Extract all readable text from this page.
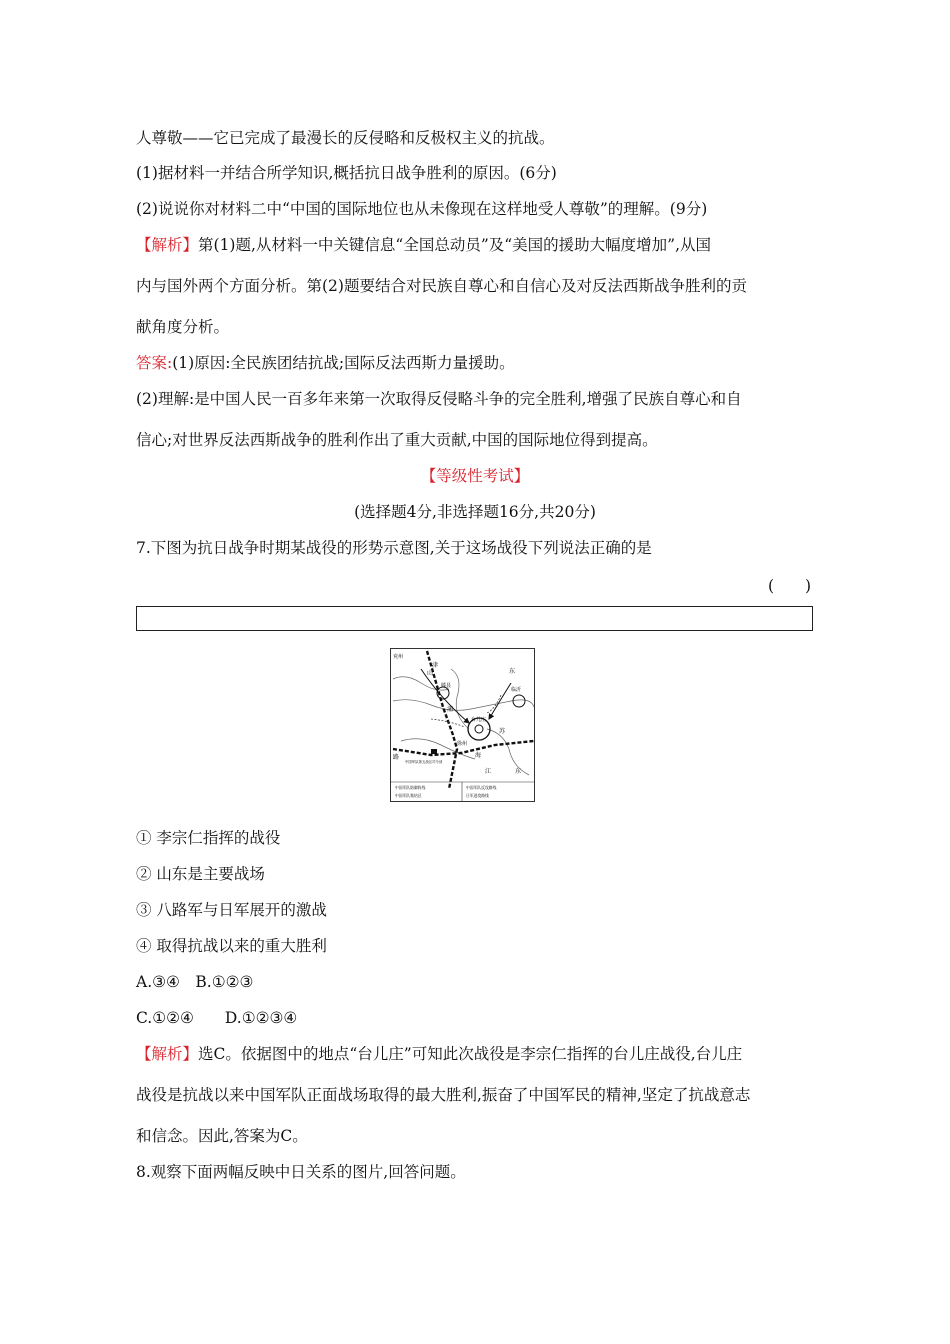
人尊敬——它已完成了最漫长的反侵略和反极权主义的抗战。
(1)据材料一并结合所学知识,概括抗日战争胜利的原因。(6分)
(2)说说你对材料二中“中国的国际地位也从未像现在这样地受人尊敬”的理解。(9分)
【解析】第(1)题,从材料一中关键信息“全国总动员”及“美国的援助大幅度增加”,从国
内与国外两个方面分析。第(2)题要结合对民族自尊心和自信心及对反法西斯战争胜利的贡
献角度分析。
答案:(1)原因:全民族团结抗战;国际反法西斯力量援助。
(2)理解:是中国人民一百多年来第一次取得反侵略斗争的完全胜利,增强了民族自尊心和自
信心;对世界反法西斯战争的胜利作出了重大贡献,中国的国际地位得到提高。
【等级性考试】
(选择题4分,非选择题16分,共20分)
7.下图为抗日战争时期某战役的形势示意图,关于这场战役下列说法正确的是
(　　)
兖州
山
津
滕县
浦
东
临沂
台儿庄
徐州
路
苏
海
江	东
中国军队第五战区司令部
中国军队防御阵线
中国军队集结区
中国军队反攻路线
日军进攻路线
① 李宗仁指挥的战役
② 山东是主要战场
③ 八路军与日军展开的激战
④ 取得抗战以来的重大胜利
A.③④　B.①②③
C.①②④　　D.①②③④
【解析】选C。依据图中的地点“台儿庄”可知此次战役是李宗仁指挥的台儿庄战役,台儿庄
战役是抗战以来中国军队正面战场取得的最大胜利,振奋了中国军民的精神,坚定了抗战意志
和信念。因此,答案为C。
8.观察下面两幅反映中日关系的图片,回答问题。
